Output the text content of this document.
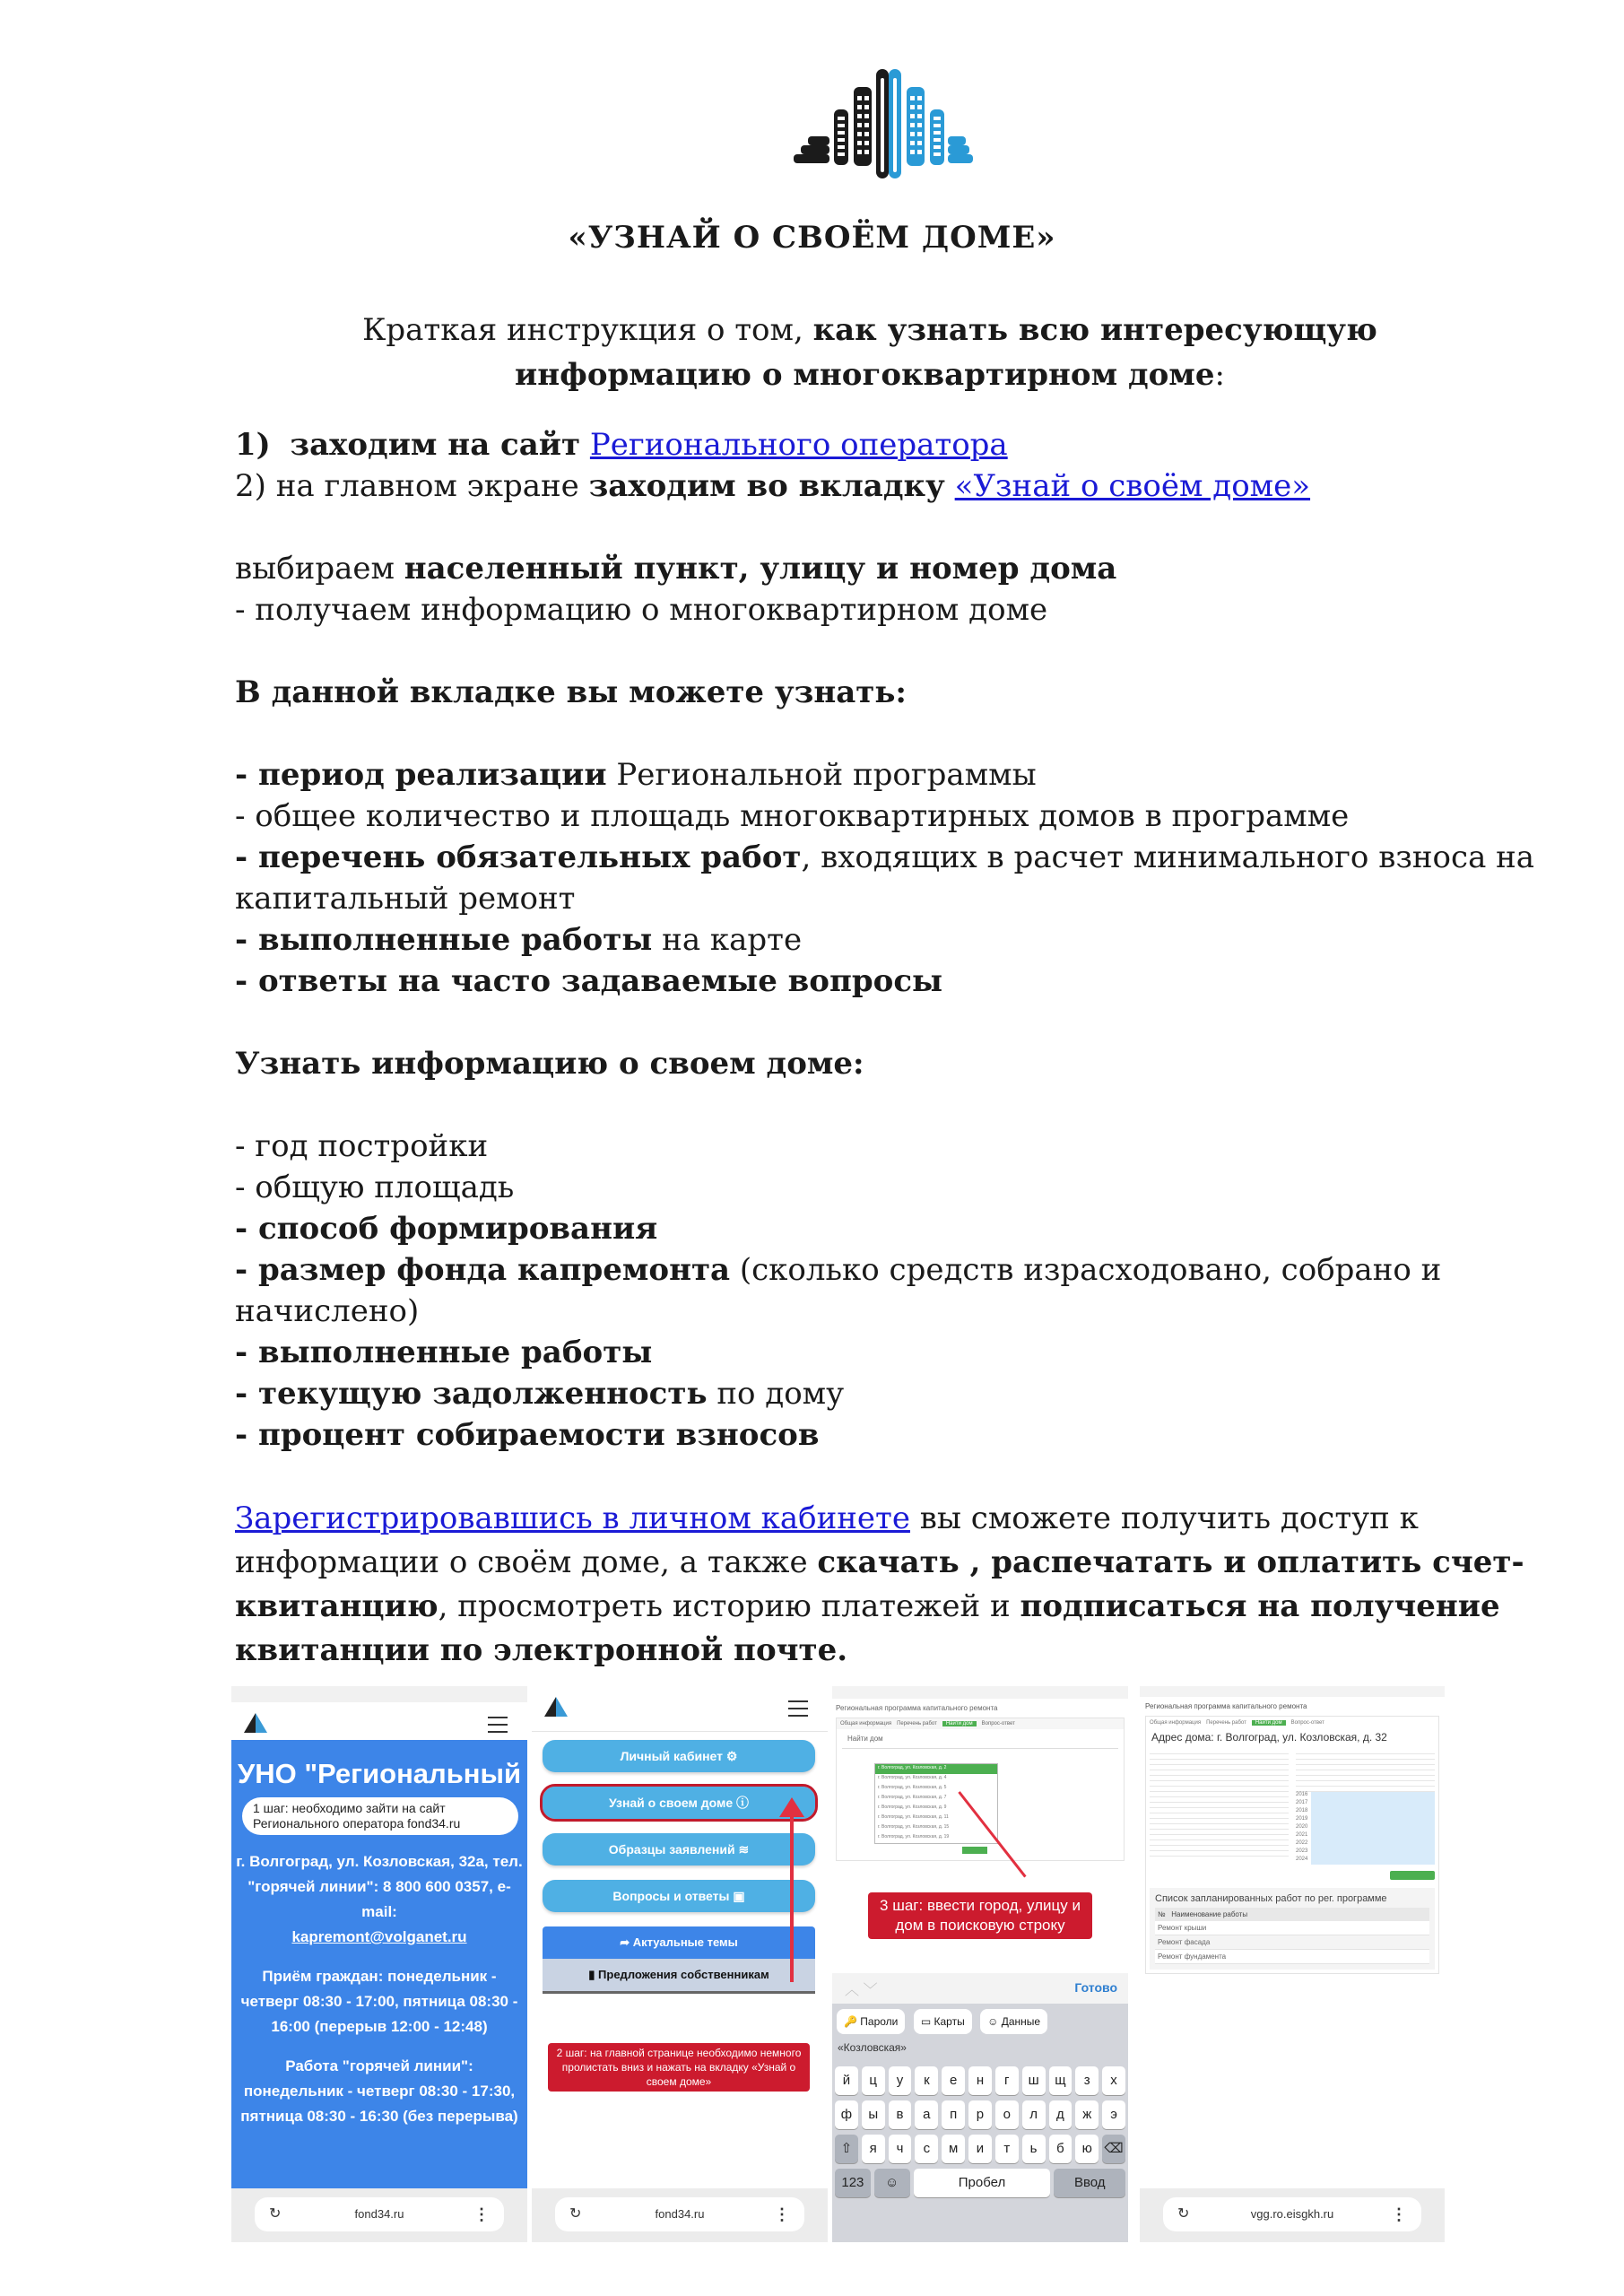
«УЗНАЙ О СВОЁМ ДОМЕ»
Краткая инструкция о том, как узнать всю интересующую информацию о многоквартирном доме:

1) заходим на сайт Регионального оператора

2) на главном экране заходим во вкладку «Узнай о своём доме»

выбираем населенный пункт, улицу и номер дома

- получаем информацию о многоквартирном доме

В данной вкладке вы можете узнать:

- период реализации Региональной программы

- общее количество и площадь многоквартирных домов в программе

- перечень обязательных работ, входящих в расчет минимального взноса на капитальный ремонт

- выполненные работы на карте

- ответы на часто задаваемые вопросы

Узнать информацию о своем доме:

- год постройки

- общую площадь

- способ формирования

- размер фонда капремонта (сколько средств израсходовано, собрано и начислено)

- выполненные работы

- текущую задолженность по дому

- процент собираемости взносов

Зарегистрировавшись в личном кабинете вы сможете получить доступ к информации о своём доме, а также скачать , распечатать и оплатить счет-квитанцию, просмотреть историю платежей и подписаться на получение квитанции по электронной почте.

УНО "Региональный
1 шаг: необходимо зайти на сайт Регионального оператора fond34.ru
г. Волгоград, ул. Козловская, 32а, тел. "горячей линии": 8 800 600 0357, e-mail:
kapremont@volganet.ru
Приём граждан: понедельник - четверг 08:30 - 17:00, пятница 08:30 - 16:00 (перерыв 12:00 - 12:48)
Работа "горячей линии": понедельник - четверг 08:30 - 17:30, пятница 08:30 - 16:30 (без перерыва)
↻	fond34.ru	⋮
Личный кабинет ⚙
Узнай о своем доме ⓘ
Образцы заявлений ≋
Вопросы и ответы ▣
➦ Актуальные темы
▮ Предложения собственникам
2 шаг: на главной странице необходимо немного пролистать вниз и нажать на вкладку «Узнай о своем доме»
↻	fond34.ru	⋮
Региональная программа капитального ремонта
Общая информация Перечень работ	Найти дом	Вопрос-ответ
Найти дом
г. Волгоград, ул. Козловская, д. 2
г. Волгоград, ул. Козловская, д. 4
г. Волгоград, ул. Козловская, д. 5
г. Волгоград, ул. Козловская, д. 7
г. Волгоград, ул. Козловская, д. 9
г. Волгоград, ул. Козловская, д. 11
г. Волгоград, ул. Козловская, д. 15
г. Волгоград, ул. Козловская, д. 19
3 шаг: ввести город, улицу и дом в поисковую строку
︿ ﹀	Готово
🔑 Пароли ▭ Карты ☺ Данные
«Козловская»
й	ц	у	к	е	н	г	ш	щ	з	х
ф	ы	в	а	п	р	о	л	д	ж	э
⇧	я	ч	с	м	и	т	ь	б	ю ⌫
123	☺	Пробел	Ввод
Региональная программа капитального ремонта
Общая информация Перечень работ	Найти дом	Вопрос-ответ
Адрес дома: г. Волгоград, ул. Козловская, д. 32
2016
2017
2018
2019
2020
2021
2022
2023
2024
Список запланированных работ по рег. программе
№   Наименование работы
Ремонт крыши
Ремонт фасада
Ремонт фундамента
↻	vgg.ro.eisgkh.ru	⋮
